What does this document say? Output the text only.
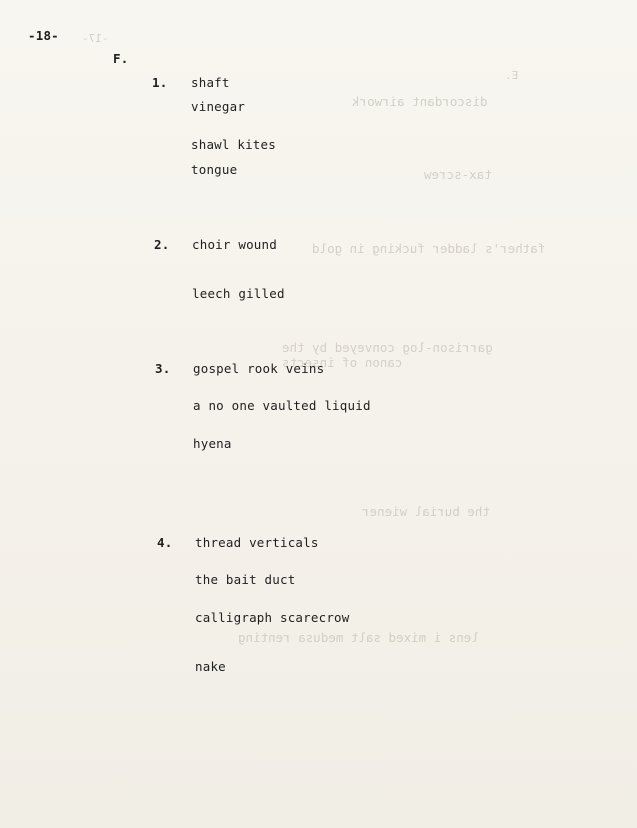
-17-
E.
discordant airwork
tax-screw
father's ladder fucking in gold
garrison-log conveyed by the
canon of insects
the burial wiener
lens i mixed salt medusa renting
-18-
F.
1. shaft
vinegar
shawl kites
tongue
2. choir wound
leech gilled
3. gospel rook veins
a no one vaulted liquid
hyena
4. thread verticals
the bait duct
calligraph scarecrow
nake
